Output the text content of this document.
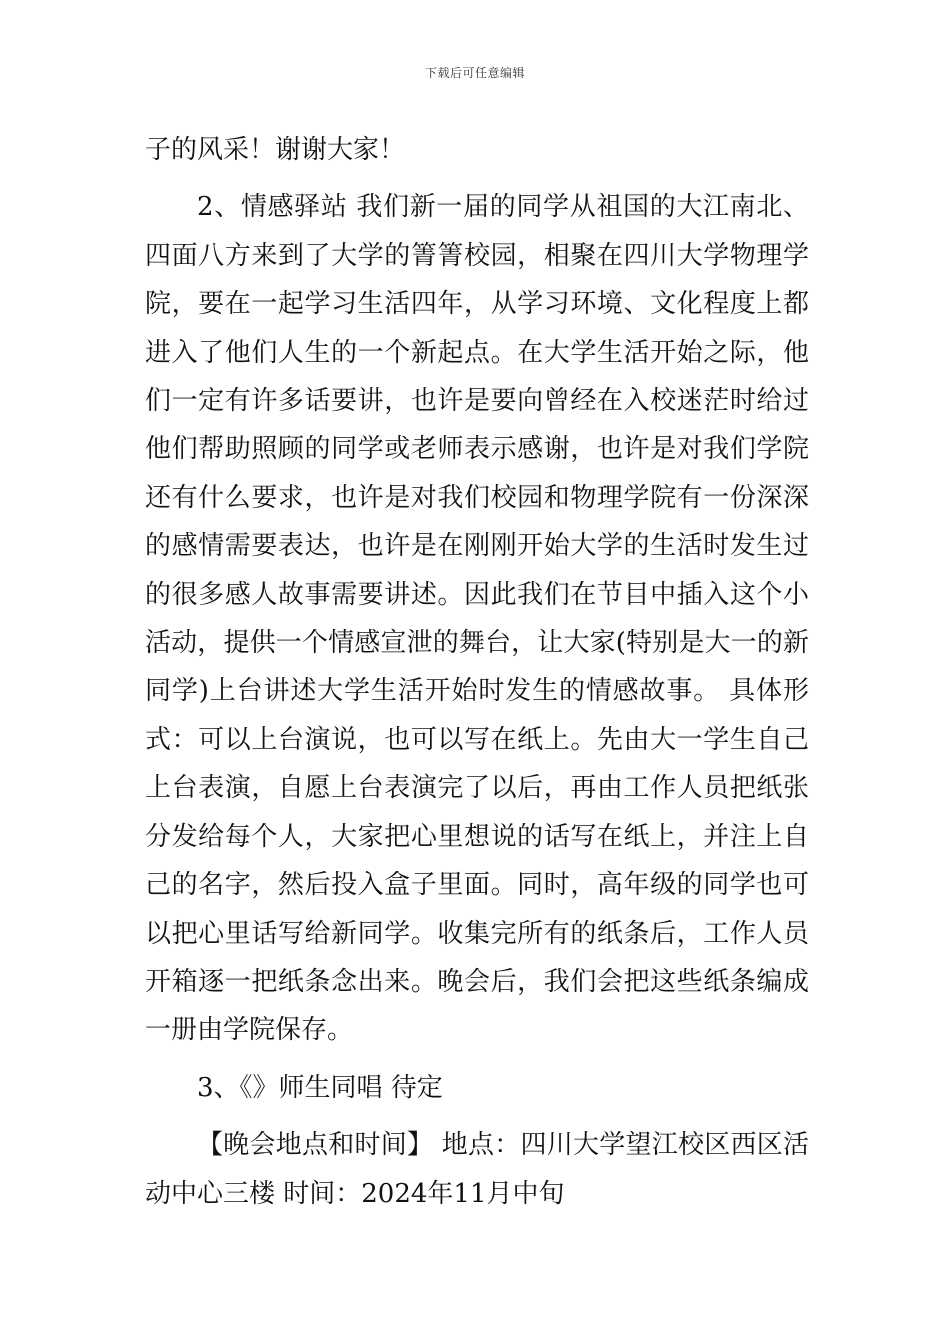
下载后可任意编辑

子的风采！谢谢大家！

2、情感驿站 我们新一届的同学从祖国的大江南北、四面八方来到了大学的箐箐校园，相聚在四川大学物理学院，要在一起学习生活四年，从学习环境、文化程度上都进入了他们人生的一个新起点。在大学生活开始之际，他们一定有许多话要讲，也许是要向曾经在入校迷茫时给过他们帮助照顾的同学或老师表示感谢，也许是对我们学院还有什么要求，也许是对我们校园和物理学院有一份深深的感情需要表达，也许是在刚刚开始大学的生活时发生过的很多感人故事需要讲述。因此我们在节目中插入这个小活动，提供一个情感宣泄的舞台，让大家(特别是大一的新同学)上台讲述大学生活开始时发生的情感故事。 具体形式：可以上台演说，也可以写在纸上。先由大一学生自己上台表演，自愿上台表演完了以后，再由工作人员把纸张分发给每个人，大家把心里想说的话写在纸上，并注上自己的名字，然后投入盒子里面。同时，高年级的同学也可以把心里话写给新同学。收集完所有的纸条后，工作人员开箱逐一把纸条念出来。晚会后，我们会把这些纸条编成一册由学院保存。

3、《》师生同唱 待定

【晚会地点和时间】 地点：四川大学望江校区西区活动中心三楼 时间：2024年11月中旬
